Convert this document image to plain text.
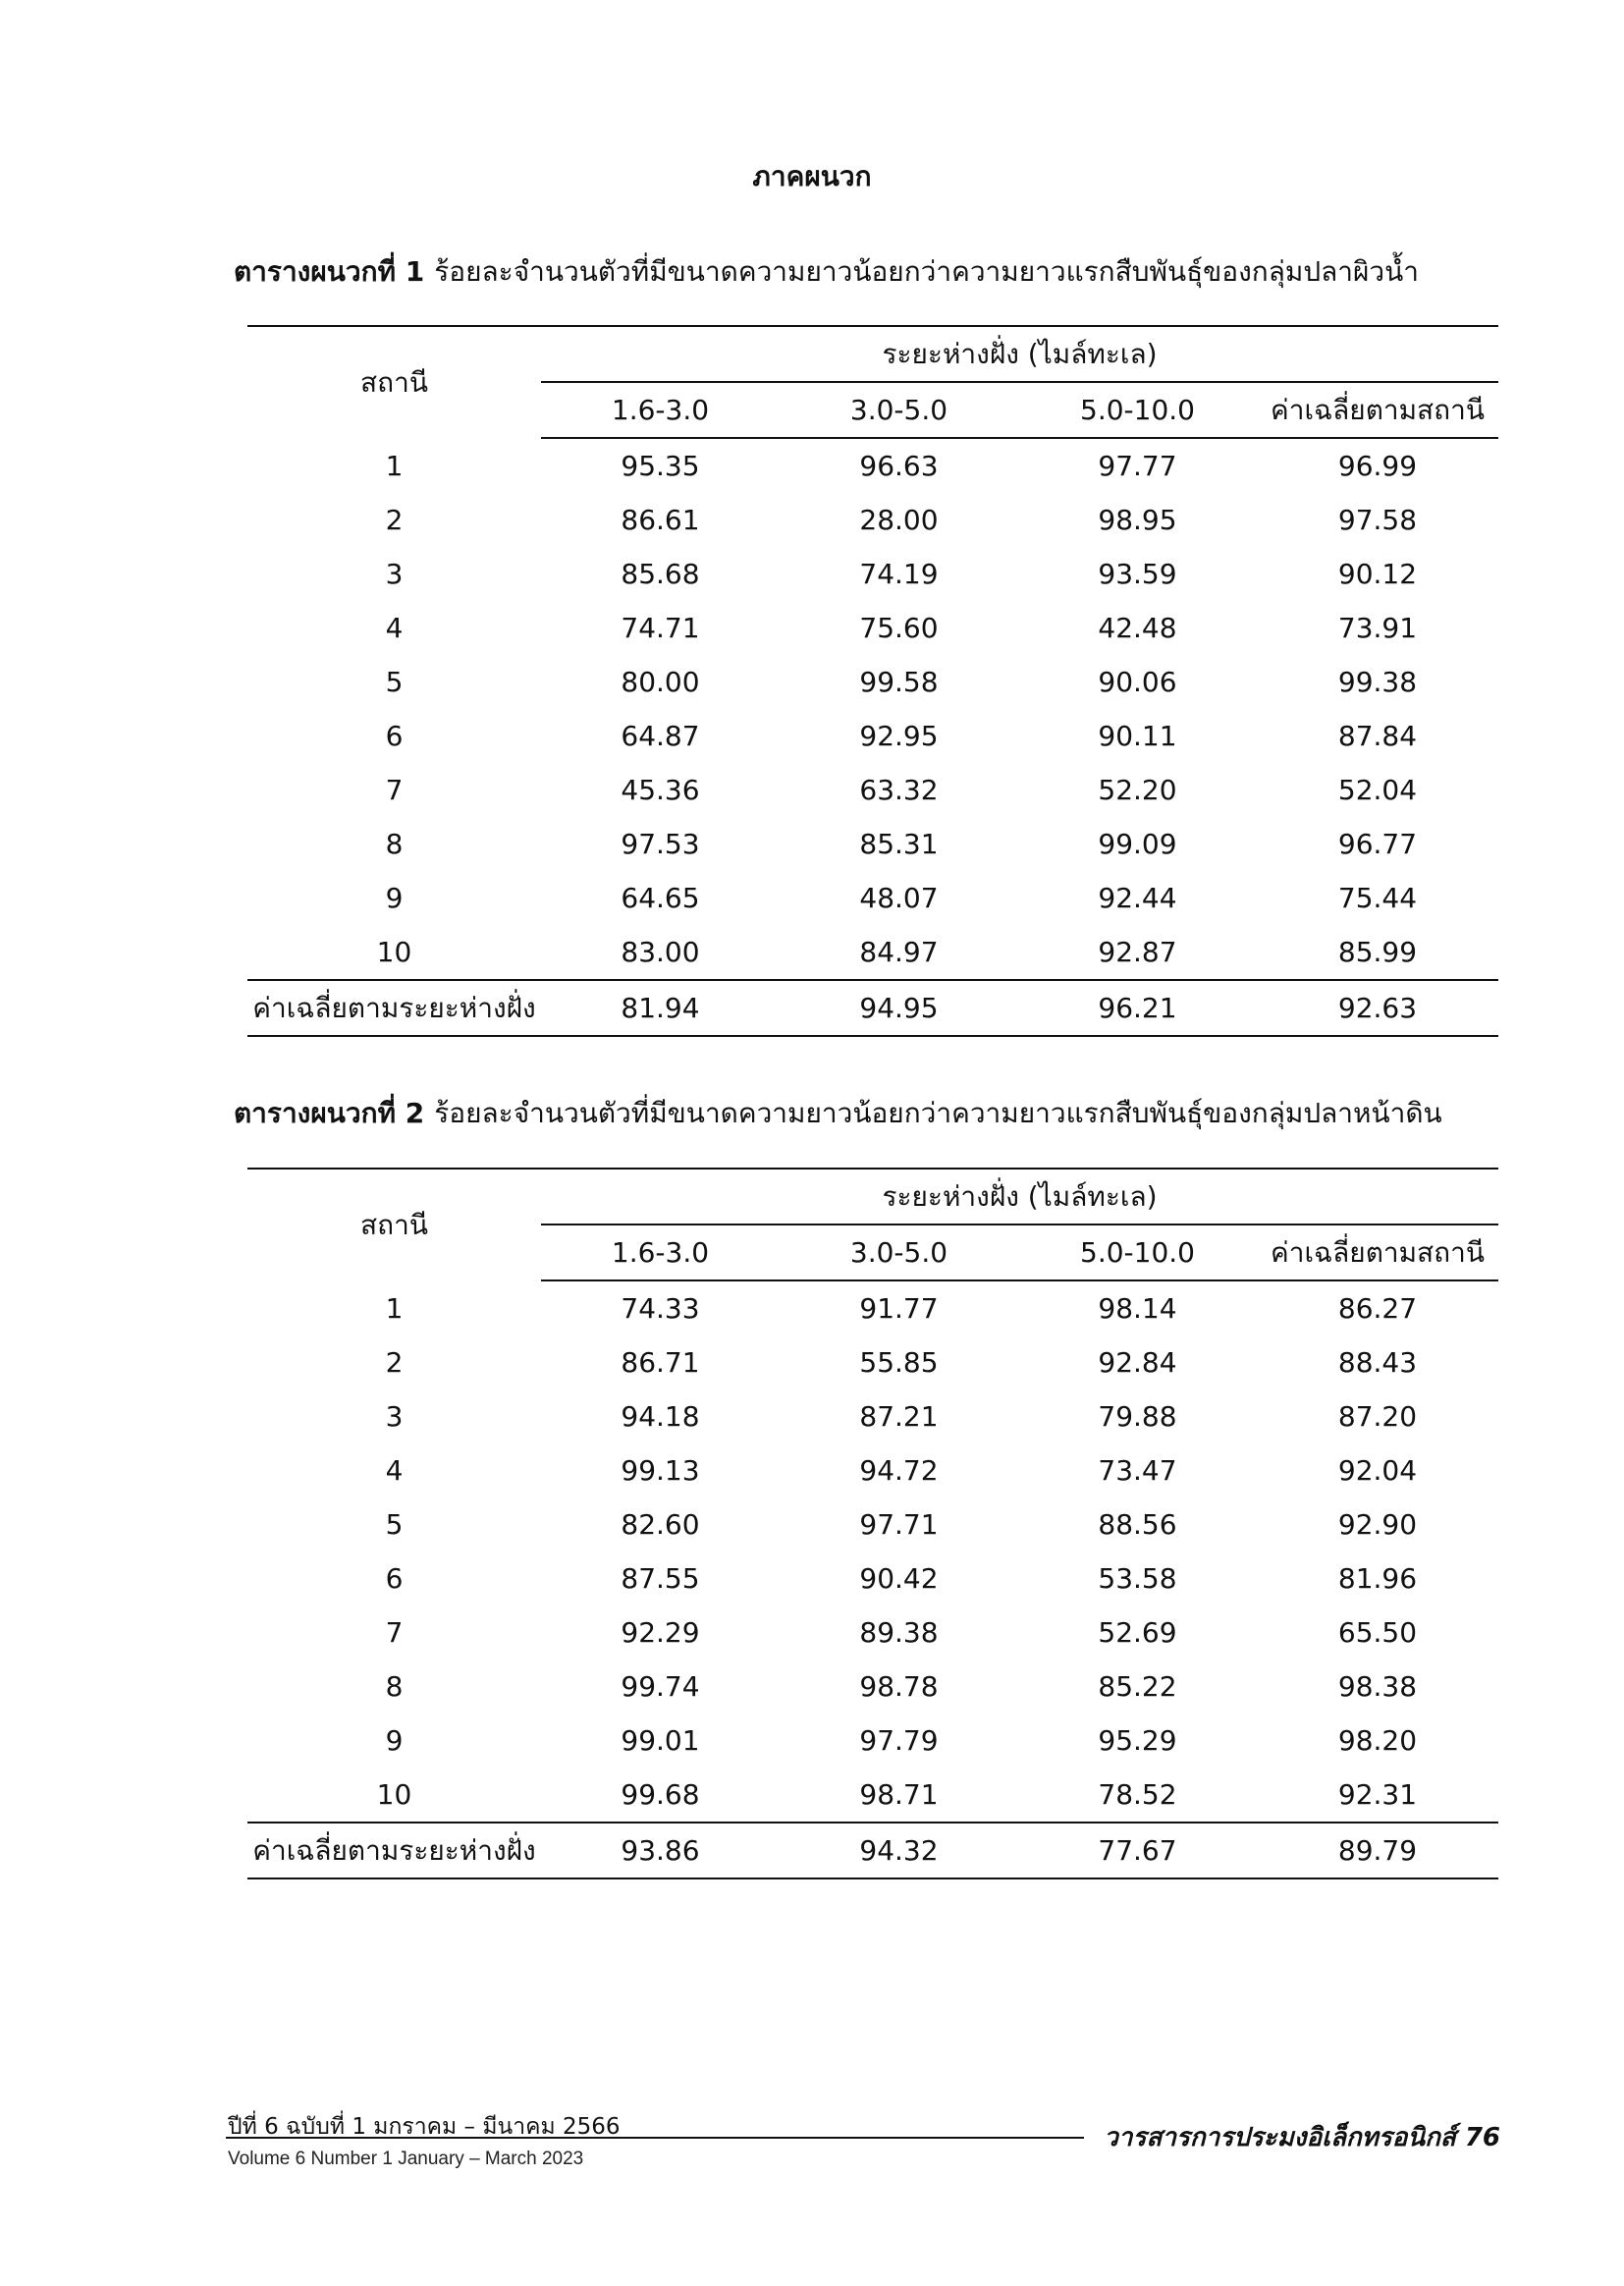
ภาคผนวก
ตารางผนวกที่ 1 ร้อยละจำนวนตัวที่มีขนาดความยาวน้อยกว่าความยาวแรกสืบพันธุ์ของกลุ่มปลาผิวน้ำ
สถานี	ระยะห่างฝั่ง (ไมล์ทะเล)			
	1.6-3.0	3.0-5.0	5.0-10.0	ค่าเฉลี่ยตามสถานี
1	95.35	96.63	97.77	96.99
2	86.61	28.00	98.95	97.58
3	85.68	74.19	93.59	90.12
4	74.71	75.60	42.48	73.91
5	80.00	99.58	90.06	99.38
6	64.87	92.95	90.11	87.84
7	45.36	63.32	52.20	52.04
8	97.53	85.31	99.09	96.77
9	64.65	48.07	92.44	75.44
10	83.00	84.97	92.87	85.99
ค่าเฉลี่ยตามระยะห่างฝั่ง	81.94	94.95	96.21	92.63
ตารางผนวกที่ 2 ร้อยละจำนวนตัวที่มีขนาดความยาวน้อยกว่าความยาวแรกสืบพันธุ์ของกลุ่มปลาหน้าดิน
สถานี	ระยะห่างฝั่ง (ไมล์ทะเล)			
	1.6-3.0	3.0-5.0	5.0-10.0	ค่าเฉลี่ยตามสถานี
1	74.33	91.77	98.14	86.27
2	86.71	55.85	92.84	88.43
3	94.18	87.21	79.88	87.20
4	99.13	94.72	73.47	92.04
5	82.60	97.71	88.56	92.90
6	87.55	90.42	53.58	81.96
7	92.29	89.38	52.69	65.50
8	99.74	98.78	85.22	98.38
9	99.01	97.79	95.29	98.20
10	99.68	98.71	78.52	92.31
ค่าเฉลี่ยตามระยะห่างฝั่ง	93.86	94.32	77.67	89.79
ปีที่ 6 ฉบับที่ 1 มกราคม – มีนาคม 2566
Volume 6 Number 1 January – March 2023
วารสารการประมงอิเล็กทรอนิกส์ 76
